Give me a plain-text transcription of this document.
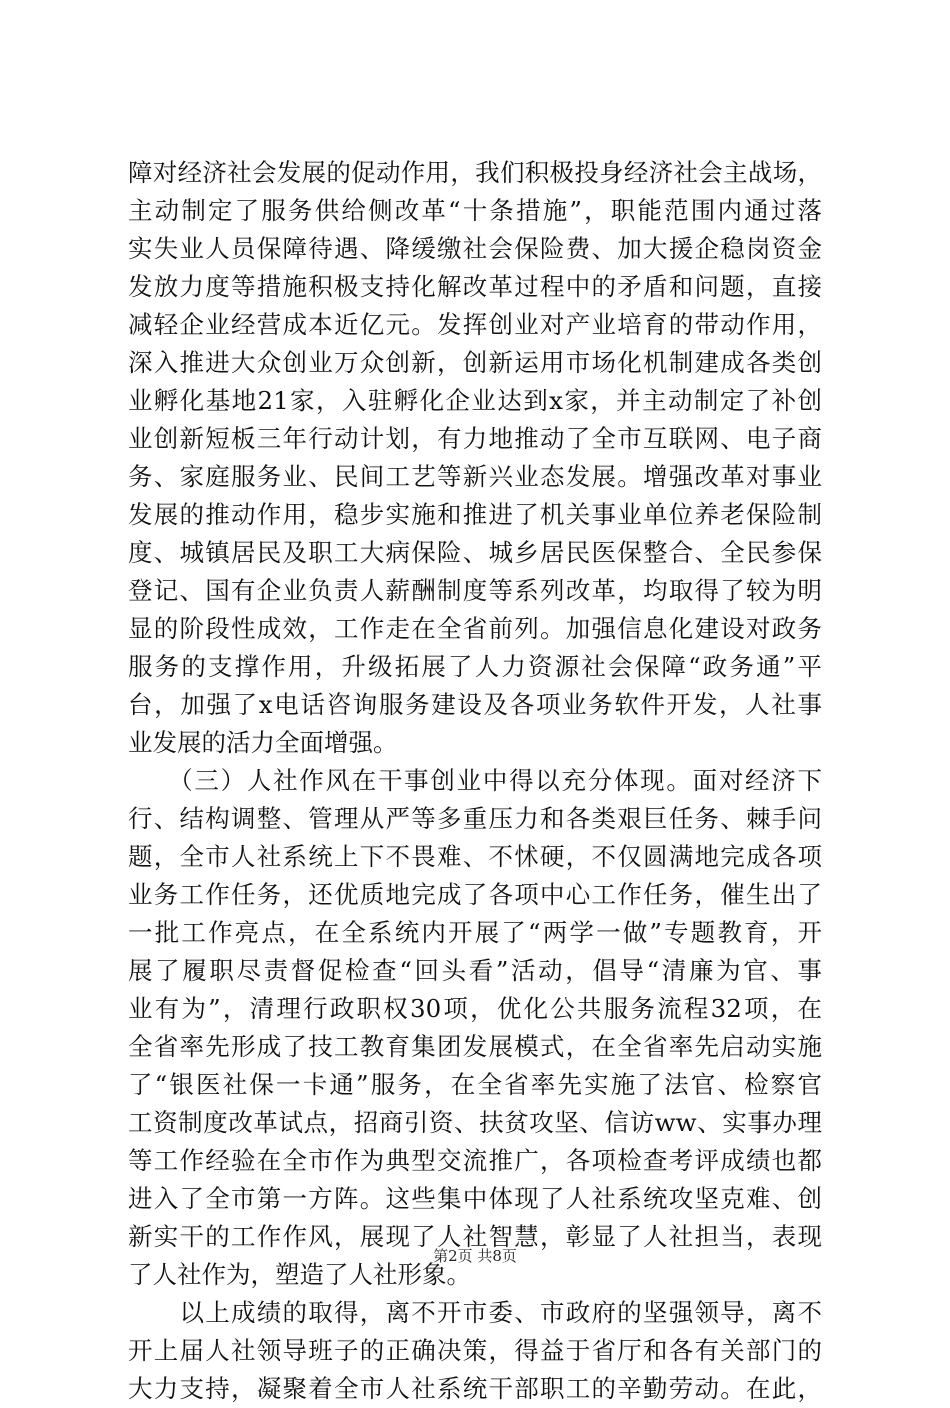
障对经济社会发展的促动作用，我们积极投身经济社会主战场，
主动制定了服务供给侧改革“十条措施”，职能范围内通过落
实失业人员保障待遇、降缓缴社会保险费、加大援企稳岗资金
发放力度等措施积极支持化解改革过程中的矛盾和问题，直接
减轻企业经营成本近亿元。发挥创业对产业培育的带动作用，
深入推进大众创业万众创新，创新运用市场化机制建成各类创
业孵化基地21家，入驻孵化企业达到x家，并主动制定了补创
业创新短板三年行动计划，有力地推动了全市互联网、电子商
务、家庭服务业、民间工艺等新兴业态发展。增强改革对事业
发展的推动作用，稳步实施和推进了机关事业单位养老保险制
度、城镇居民及职工大病保险、城乡居民医保整合、全民参保
登记、国有企业负责人薪酬制度等系列改革，均取得了较为明
显的阶段性成效，工作走在全省前列。加强信息化建设对政务
服务的支撑作用，升级拓展了人力资源社会保障“政务通”平
台，加强了x电话咨询服务建设及各项业务软件开发，人社事
业发展的活力全面增强。
　　（三）人社作风在干事创业中得以充分体现。面对经济下
行、结构调整、管理从严等多重压力和各类艰巨任务、棘手问
题，全市人社系统上下不畏难、不怵硬，不仅圆满地完成各项
业务工作任务，还优质地完成了各项中心工作任务，催生出了
一批工作亮点，在全系统内开展了“两学一做”专题教育，开
展了履职尽责督促检查“回头看”活动，倡导“清廉为官、事
业有为”，清理行政职权30项，优化公共服务流程32项，在
全省率先形成了技工教育集团发展模式，在全省率先启动实施
了“银医社保一卡通”服务，在全省率先实施了法官、检察官
工资制度改革试点，招商引资、扶贫攻坚、信访ww、实事办理
等工作经验在全市作为典型交流推广，各项检查考评成绩也都
进入了全市第一方阵。这些集中体现了人社系统攻坚克难、创
新实干的工作作风，展现了人社智慧，彰显了人社担当，表现
了人社作为，塑造了人社形象。
　　以上成绩的取得，离不开市委、市政府的坚强领导，离不
开上届人社领导班子的正确决策，得益于省厅和各有关部门的
大力支持，凝聚着全市人社系统干部职工的辛勤劳动。在此，
第2页 共8页
